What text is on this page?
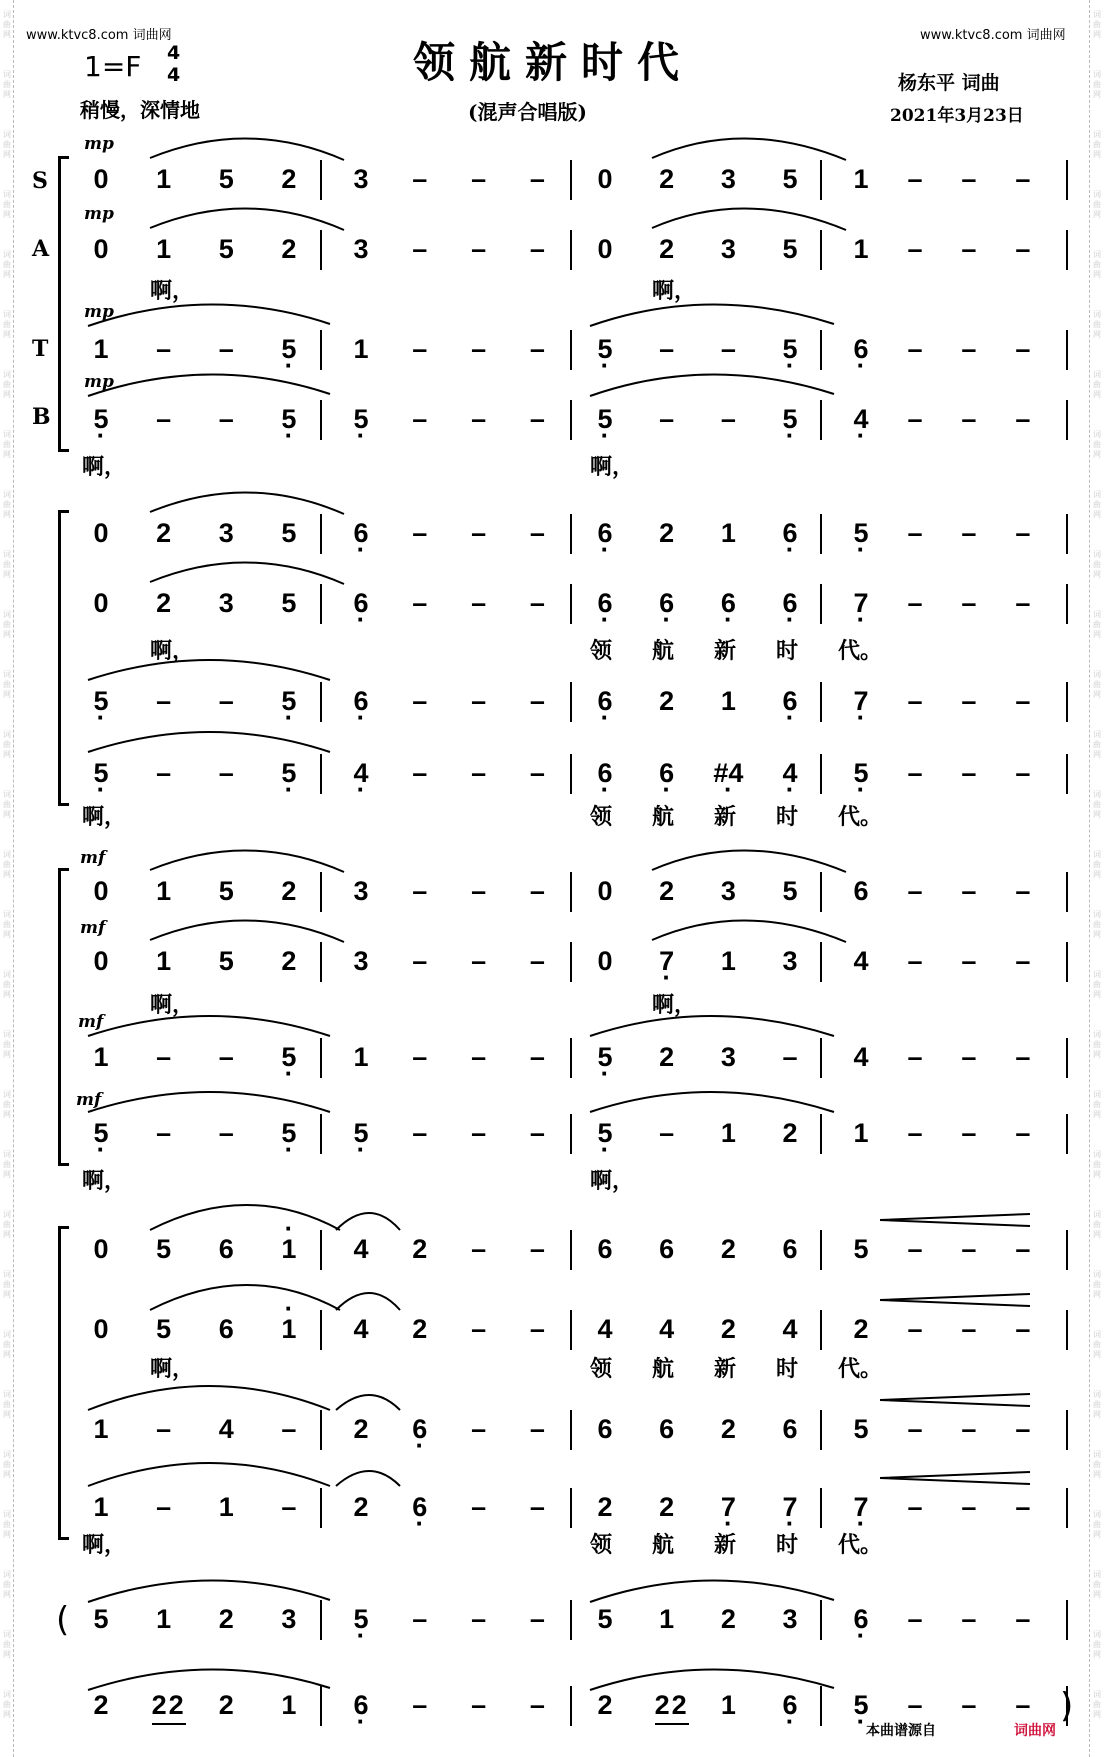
词
曲
网
词
曲
网
词
曲
网
词
曲
网
词
曲
网
词
曲
网
词
曲
网
词
曲
网
词
曲
网
词
曲
网
词
曲
网
词
曲
网
词
曲
网
词
曲
网
词
曲
网
词
曲
网
词
曲
网
词
曲
网
词
曲
网
词
曲
网
词
曲
网
词
曲
网
词
曲
网
词
曲
网
词
曲
网
词
曲
网
词
曲
网
词
曲
网
词
曲
网
词
曲
网
词
曲
网
词
曲
网
词
曲
网
词
曲
网
词
曲
网
词
曲
网
词
曲
网
词
曲
网
词
曲
网
词
曲
网
词
曲
网
词
曲
网
词
曲
网
词
曲
网
词
曲
网
词
曲
网
词
曲
网
词
曲
网
词
曲
网
词
曲
网
词
曲
网
词
曲
网
词
曲
网
词
曲
网
词
曲
网
词
曲
网
词
曲
网
词
曲
网
www.ktvc8.com 词曲网	www.ktvc8.com 词曲网
领航新时代
(混声合唱版)
1=F 4
4
稍慢，深情地
杨东平 词曲
2021年3月23日
S
A
T
B
mp
mp
mp
mp
mf
mf
mf
mf
0 1 5 2 3 – – – 0 2 3 5 1 – – –
0 1 5 2 3 – – – 0 2 3 5 1 – – –
1 – – 5 · 1 – – – 5 · – – 5 · 6 · – – –
5 · – – 5 · 5 · – – – 5 · – – 5 · 4 · – – –
啊，	啊，
啊，	啊，
0 2 3 5 6 · – – – 6 · 2 1 6 · 5 · – – –
0 2 3 5 6 · – – – 6 · 6 · 6 · 6 · 7 · – – –
5 · – – 5 · 6 · – – – 6 · 2 1 6 · 7 · – – –
5 · – – 5 · 4 · – – – 6 · 6 · #4 · 4 · 5 · – – –
啊，	领 航 新 时 代。
啊，	领 航 新 时 代。
0 1 5 2 3 – – – 0 2 3 5 6 – – –
0 1 5 2 3 – – – 0 7 · 1 3 4 – – –
1 – – 5 · 1 – – – 5 · 2 3 – 4 – – –
5 · – – 5 · 5 · – – – 5 · – 1 2 1 – – –
啊，	啊，
啊，	啊，
0 5 6 · 1 4 2 – – 6 6 2 6 5 – – –
0 5 6 · 1 4 2 – – 4 4 2 4 2 – – –
1 – 4 – 2 6 · – – 6 6 2 6 5 – – –
1 – 1 – 2 6 · – – 2 2 7 · 7 · 7 · – – –
啊，	领 航 新 时 代。
啊，	领 航 新 时 代。
(
)
5 1 2 3 5 · – – – 5 1 2 3 6 · – – –
2 22 2 1 6 · – – – 2 22 1 6 · 5 · – – –
本曲谱源自	词曲网
